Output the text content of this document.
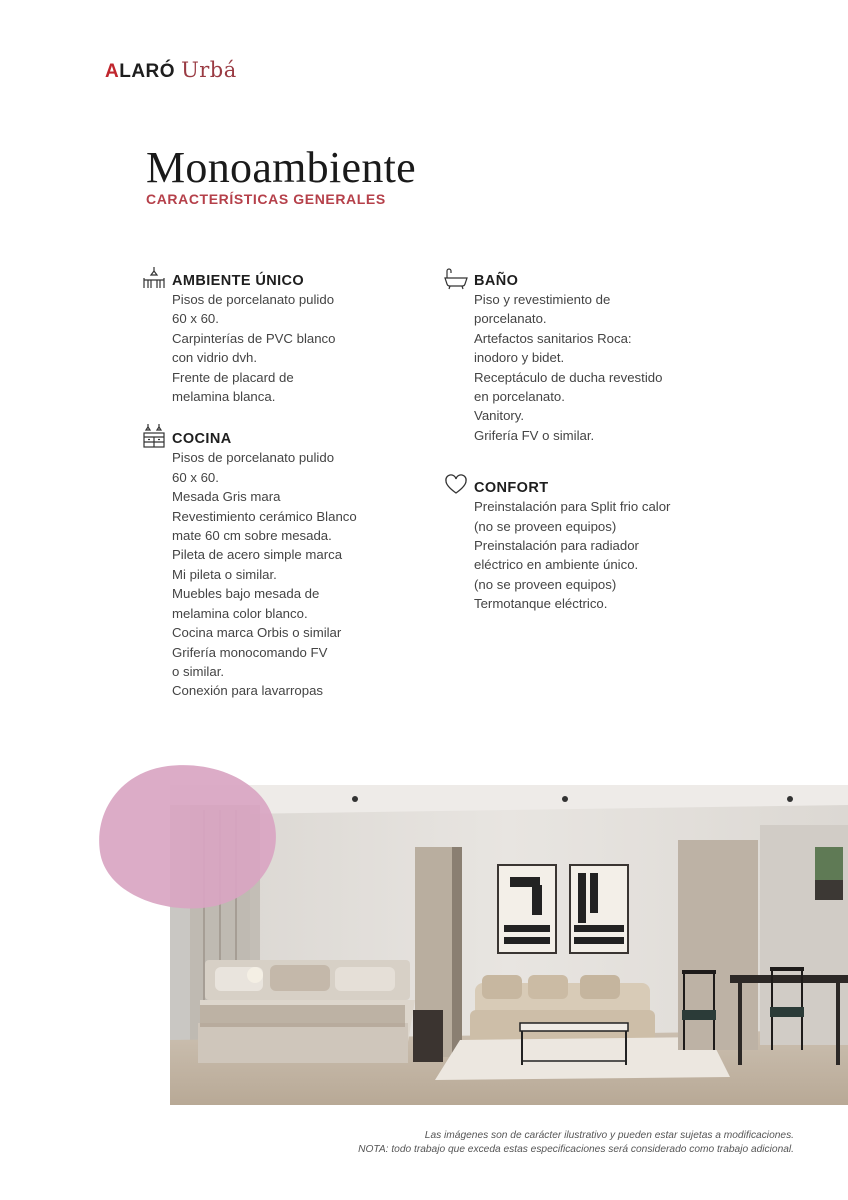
ALARÓ Urbá
Monoambiente
CARACTERÍSTICAS GENERALES
AMBIENTE ÚNICO
Pisos de porcelanato pulido
60 x 60.
Carpinterías de PVC blanco
con vidrio dvh.
Frente de placard de
melamina blanca.
COCINA
Pisos de porcelanato pulido
60 x 60.
Mesada Gris mara
Revestimiento cerámico Blanco
mate 60 cm sobre mesada.
Pileta de acero simple marca
Mi pileta o similar.
Muebles bajo mesada de
melamina color blanco.
Cocina marca Orbis o similar
Grifería monocomando FV
o similar.
Conexión para lavarropas
BAÑO
Piso y revestimiento de
porcelanato.
Artefactos sanitarios Roca:
inodoro y bidet.
Receptáculo de ducha revestido
en porcelanato.
Vanitory.
Grifería FV o similar.
CONFORT
Preinstalación para Split frio calor
(no se proveen equipos)
Preinstalación para radiador
eléctrico en ambiente único.
(no se proveen equipos)
Termotanque eléctrico.
Las imágenes son de carácter ilustrativo y pueden estar sujetas a modificaciones.
NOTA: todo trabajo que exceda estas especificaciones será considerado como trabajo adicional.
